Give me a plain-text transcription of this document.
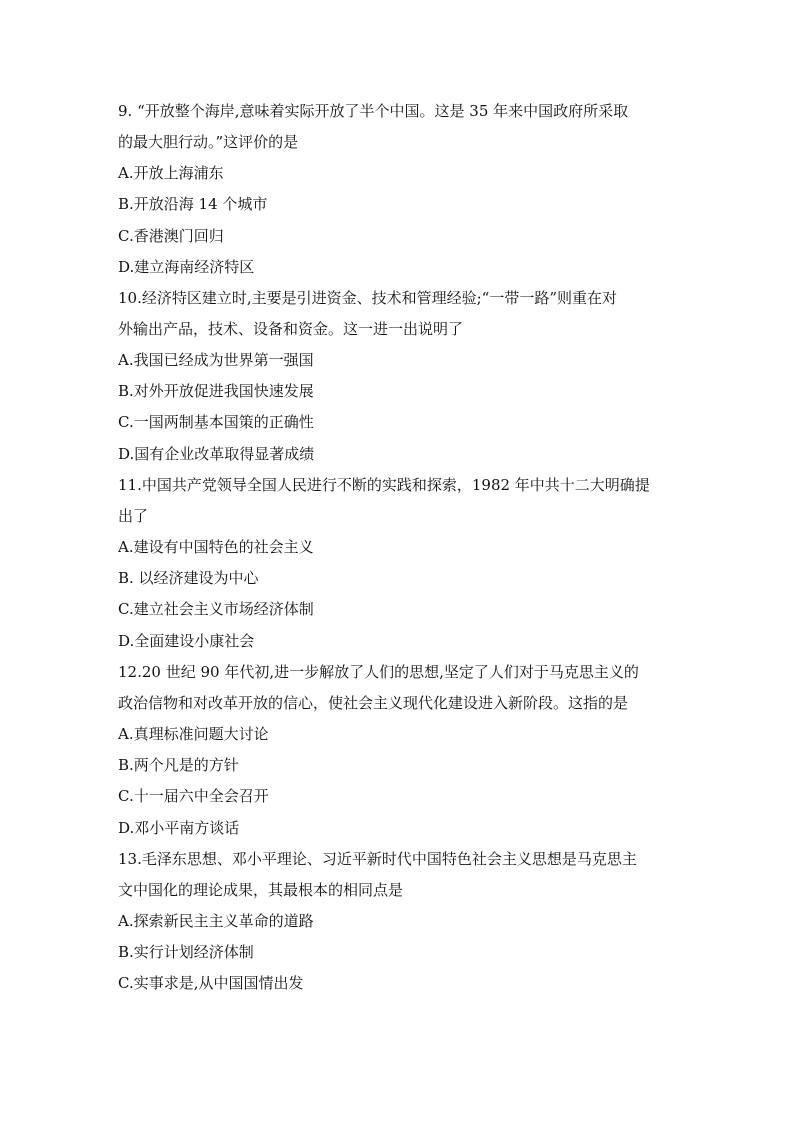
9. “开放整个海岸,意味着实际开放了半个中国。这是 35 年来中国政府所采取
的最大胆行动。”这评价的是
A.开放上海浦东
B.开放沿海 14 个城市
C.香港澳门回归
D.建立海南经济特区
10.经济特区建立时,主要是引进资金、技术和管理经验;“一带一路”则重在对
外输出产品，技术、设备和资金。这一进一出说明了
A.我国已经成为世界第一强国
B.对外开放促进我国快速发展
C.一国两制基本国策的正确性
D.国有企业改革取得显著成绩
11.中国共产党领导全国人民进行不断的实践和探索，1982 年中共十二大明确提
出了
A.建设有中国特色的社会主义
B. 以经济建设为中心
C.建立社会主义市场经济体制
D.全面建设小康社会
12.20 世纪 90 年代初,进一步解放了人们的思想,坚定了人们对于马克思主义的
政治信物和对改革开放的信心，使社会主义现代化建设进入新阶段。这指的是
A.真理标准问题大讨论
B.两个凡是的方针
C.十一届六中全会召开
D.邓小平南方谈话
13.毛泽东思想、邓小平理论、习近平新时代中国特色社会主义思想是马克思主
文中国化的理论成果，其最根本的相同点是
A.探索新民主主义革命的道路
B.实行计划经济体制
C.实事求是,从中国国情出发
